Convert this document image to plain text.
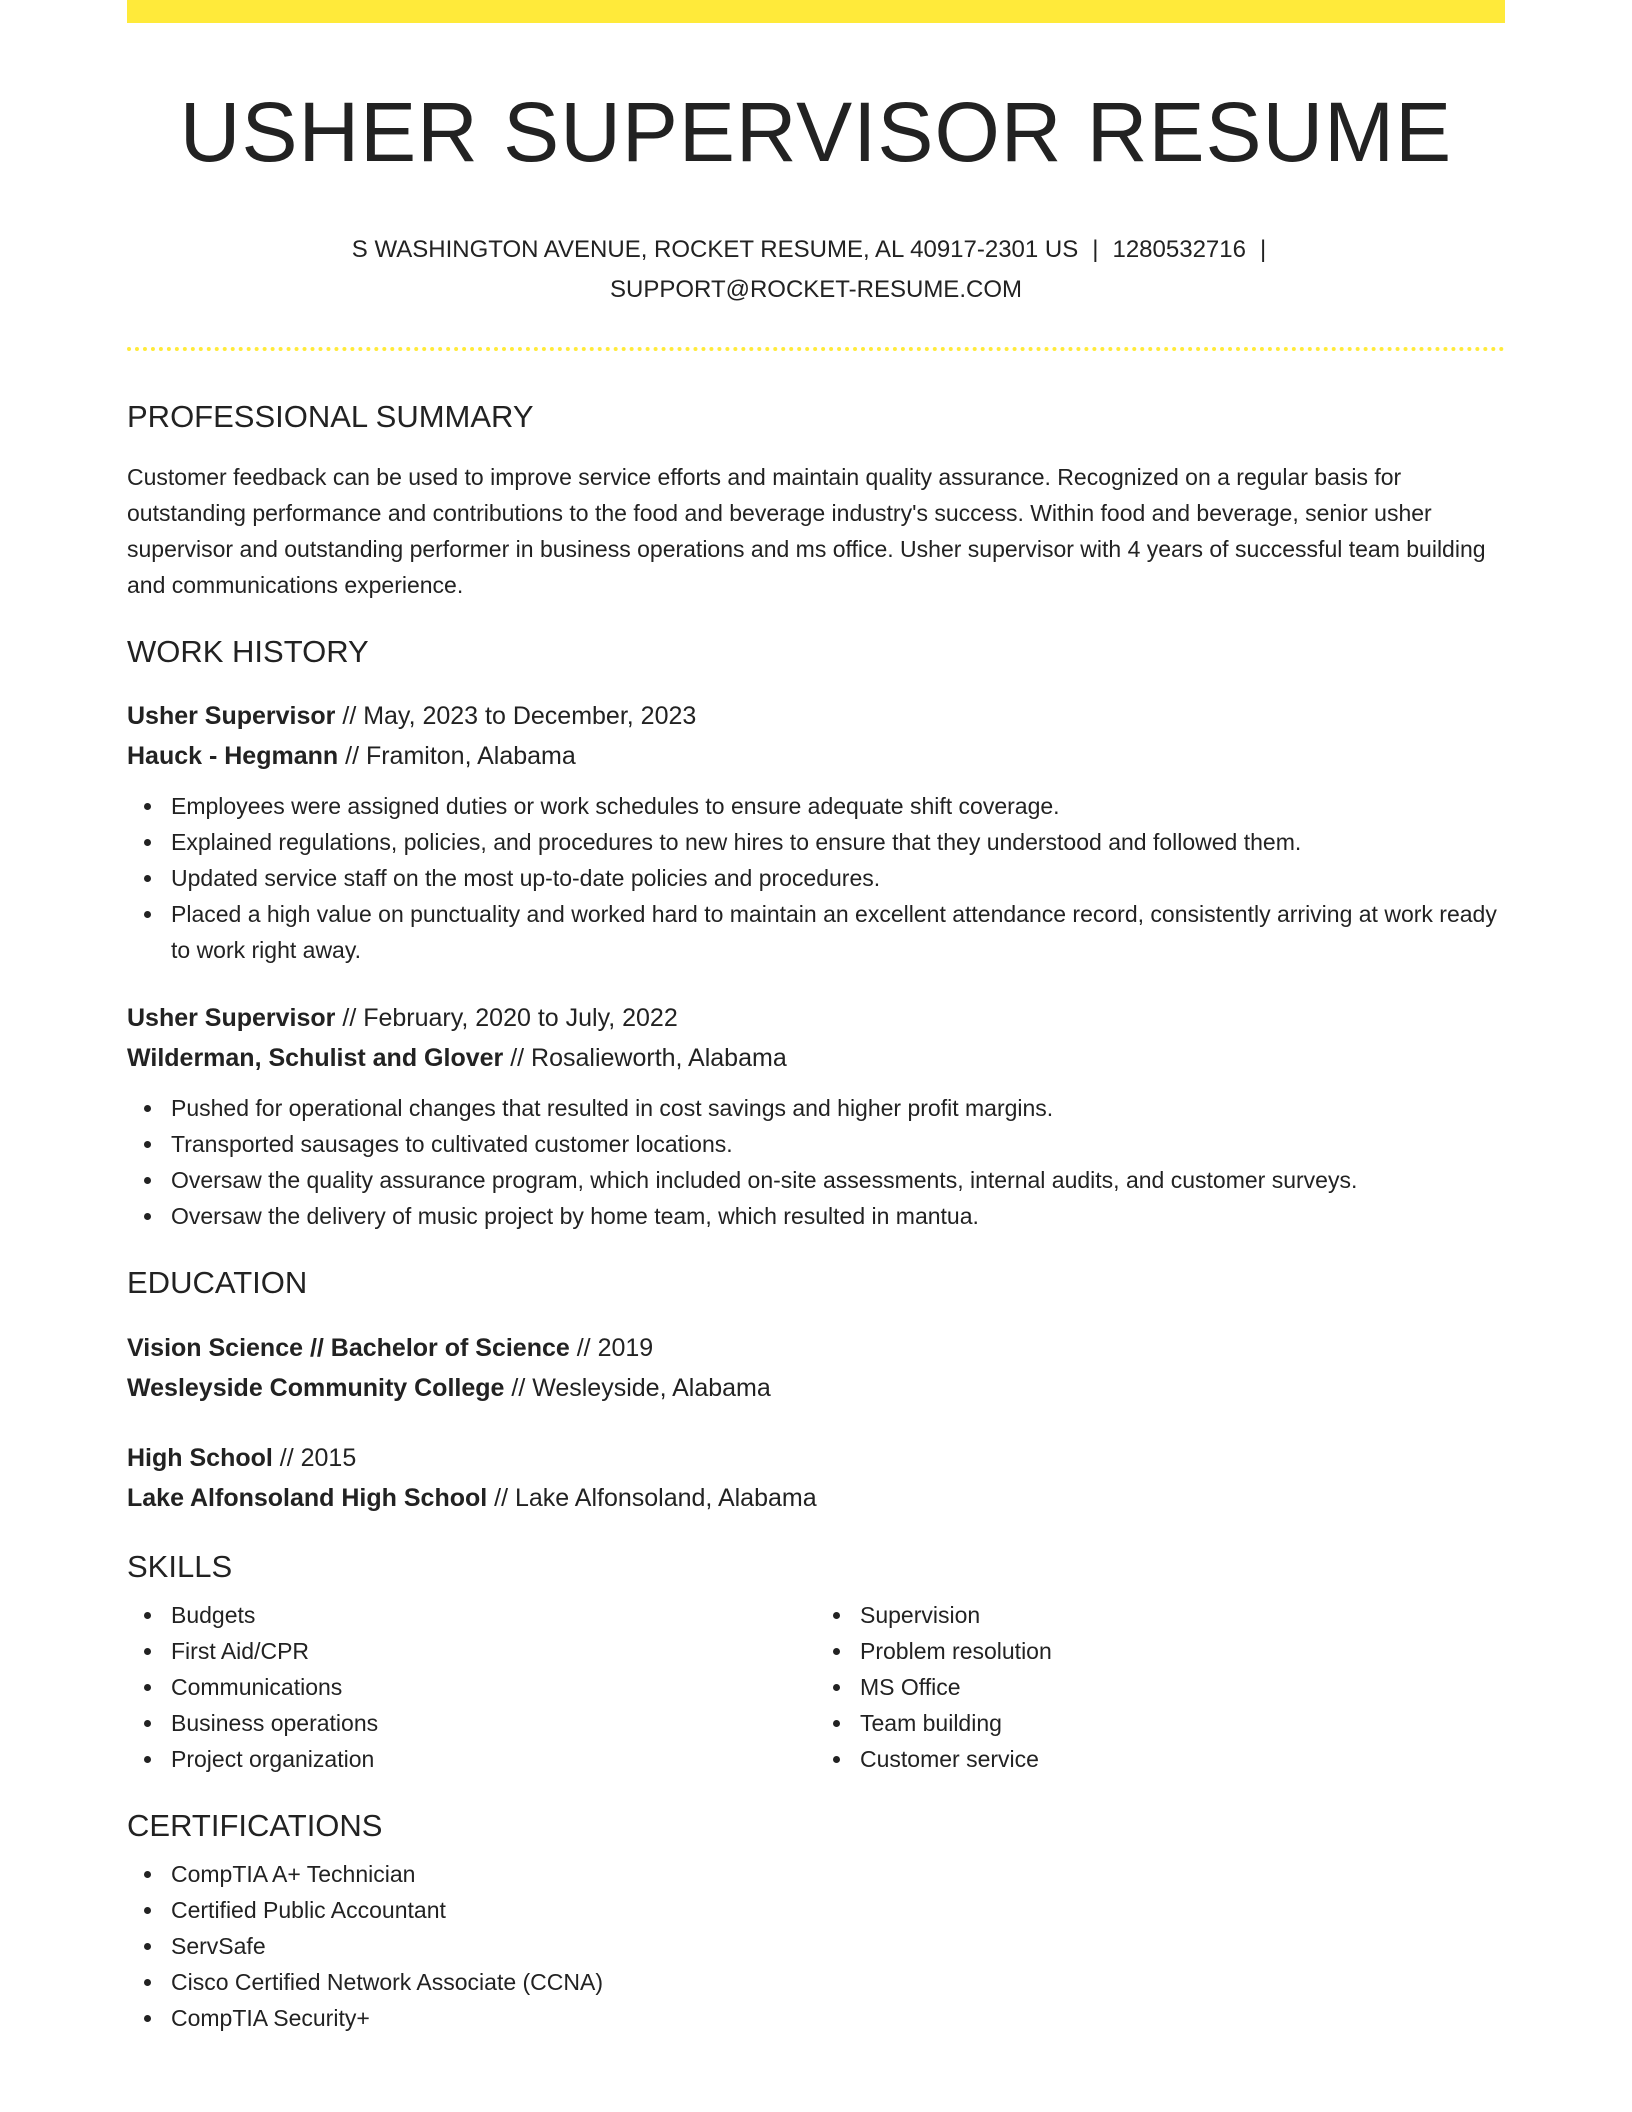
USHER SUPERVISOR RESUME
S WASHINGTON AVENUE, ROCKET RESUME, AL 40917-2301 US | 1280532716 |
SUPPORT@ROCKET-RESUME.COM
PROFESSIONAL SUMMARY

Customer feedback can be used to improve service efforts and maintain quality assurance. Recognized on a regular basis for outstanding performance and contributions to the food and beverage industry's success. Within food and beverage, senior usher supervisor and outstanding performer in business operations and ms office. Usher supervisor with 4 years of successful team building and communications experience.

WORK HISTORY
Usher Supervisor // May, 2023 to December, 2023
Hauck - Hegmann // Framiton, Alabama
Employees were assigned duties or work schedules to ensure adequate shift coverage.
Explained regulations, policies, and procedures to new hires to ensure that they understood and followed them.
Updated service staff on the most up-to-date policies and procedures.
Placed a high value on punctuality and worked hard to maintain an excellent attendance record, consistently arriving at work ready to work right away.
Usher Supervisor // February, 2020 to July, 2022
Wilderman, Schulist and Glover // Rosalieworth, Alabama
Pushed for operational changes that resulted in cost savings and higher profit margins.
Transported sausages to cultivated customer locations.
Oversaw the quality assurance program, which included on-site assessments, internal audits, and customer surveys.
Oversaw the delivery of music project by home team, which resulted in mantua.
EDUCATION
Vision Science // Bachelor of Science // 2019
Wesleyside Community College // Wesleyside, Alabama
High School // 2015
Lake Alfonsoland High School // Lake Alfonsoland, Alabama
SKILLS
Budgets
First Aid/CPR
Communications
Business operations
Project organization
Supervision
Problem resolution
MS Office
Team building
Customer service
CERTIFICATIONS
CompTIA A+ Technician
Certified Public Accountant
ServSafe
Cisco Certified Network Associate (CCNA)
CompTIA Security+
